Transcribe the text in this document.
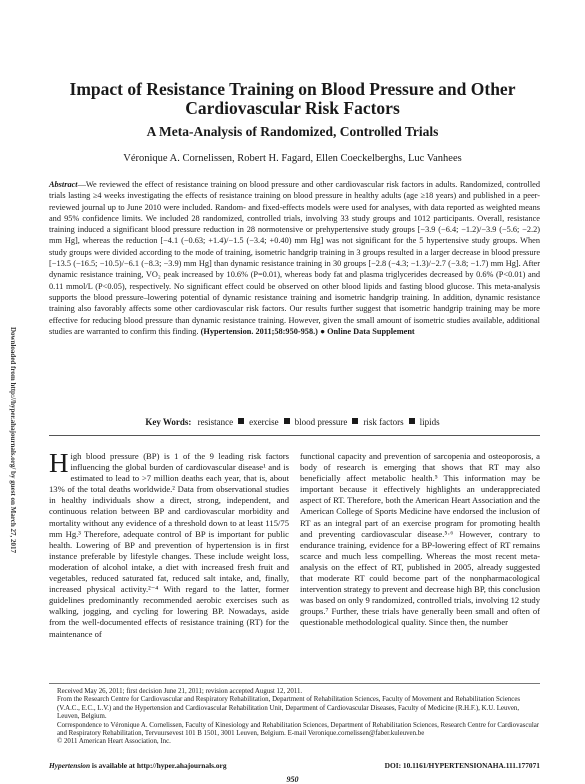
Downloaded from http://hyper.ahajournals.org/ by guest on March 27, 2017
Impact of Resistance Training on Blood Pressure and Other Cardiovascular Risk Factors
A Meta-Analysis of Randomized, Controlled Trials

Véronique A. Cornelissen, Robert H. Fagard, Ellen Coeckelberghs, Luc Vanhees

Abstract—We reviewed the effect of resistance training on blood pressure and other cardiovascular risk factors in adults. Randomized, controlled trials lasting ≥4 weeks investigating the effects of resistance training on blood pressure in healthy adults (age ≥18 years) and published in a peer-reviewed journal up to June 2010 were included. Random- and fixed-effects models were used for analyses, with data reported as weighted means and 95% confidence limits. We included 28 randomized, controlled trials, involving 33 study groups and 1012 participants. Overall, resistance training induced a significant blood pressure reduction in 28 normotensive or prehypertensive study groups [−3.9 (−6.4; −1.2)/−3.9 (−5.6; −2.2) mm Hg], whereas the reduction [−4.1 (−0.63; +1.4)/−1.5 (−3.4; +0.40) mm Hg] was not significant for the 5 hypertensive study groups. When study groups were divided according to the mode of training, isometric handgrip training in 3 groups resulted in a larger decrease in blood pressure [−13.5 (−16.5; −10.5)/−6.1 (−8.3; −3.9) mm Hg] than dynamic resistance training in 30 groups [−2.8 (−4.3; −1.3)/−2.7 (−3.8; −1.7) mm Hg]. After dynamic resistance training, VO₂ peak increased by 10.6% (P=0.01), whereas body fat and plasma triglycerides decreased by 0.6% (P<0.01) and 0.11 mmol/L (P<0.05), respectively. No significant effect could be observed on other blood lipids and fasting blood glucose. This meta-analysis supports the blood pressure–lowering potential of dynamic resistance training and isometric handgrip training. In addition, dynamic resistance training also favorably affects some other cardiovascular risk factors. Our results further suggest that isometric handgrip training may be more effective for reducing blood pressure than dynamic resistance training. However, given the small amount of isometric studies available, additional studies are warranted to confirm this finding. (Hypertension. 2011;58:950-958.) ● Online Data Supplement

Key Words: resistance exercise blood pressure risk factors lipids

High blood pressure (BP) is 1 of the 9 leading risk factors influencing the global burden of cardiovascular disease¹ and is estimated to lead to >7 million deaths each year, that is, about 13% of the total deaths worldwide.² Data from observational studies in healthy individuals show a direct, strong, independent, and continuous relation between BP and cardiovascular morbidity and mortality without any evidence of a threshold down to at least 115/75 mm Hg.³ Therefore, adequate control of BP is important for public health. Lowering of BP and prevention of hypertension is in first instance preferable by lifestyle changes. These include weight loss, moderation of alcohol intake, a diet with increased fresh fruit and vegetables, reduced saturated fat, reduced salt intake, and, finally, increased physical activity.²⁻⁴ With regard to the latter, former guidelines predominantly recommended aerobic exercises such as walking, jogging, and cycling for lowering BP. Nowadays, aside from the well-documented effects of resistance training (RT) for the maintenance of

functional capacity and prevention of sarcopenia and osteoporosis, a body of research is emerging that shows that RT may also beneficially affect metabolic health.⁵ This information may be important because it effectively highlights an underappreciated aspect of RT. Therefore, both the American Heart Association and the American College of Sports Medicine have endorsed the inclusion of RT as an integral part of an exercise program for promoting health and preventing cardiovascular disease.⁵·⁶ However, contrary to endurance training, evidence for a BP-lowering effect of RT remains scarce and much less compelling. Whereas the most recent meta-analysis on the effect of RT, published in 2005, already suggested that moderate RT could become part of the nonpharmacological intervention strategy to prevent and decrease high BP, this conclusion was based on only 9 randomized, controlled trials, involving 12 study groups.⁷ Further, these trials have generally been small and often of questionable methodological quality. Since then, the number

Received May 26, 2011; first decision June 21, 2011; revision accepted August 12, 2011.

From the Research Centre for Cardiovascular and Respiratory Rehabilitation, Department of Rehabilitation Sciences, Faculty of Movement and Rehabilitation Sciences (V.A.C., E.C., L.V.) and the Hypertension and Cardiovascular Rehabilitation Unit, Department of Cardiovascular Diseases, Faculty of Medicine (R.H.F.), K.U. Leuven, Leuven, Belgium.

Correspondence to Véronique A. Cornelissen, Faculty of Kinesiology and Rehabilitation Sciences, Department of Rehabilitation Sciences, Research Centre for Cardiovascular and Respiratory Rehabilitation, Tervuursevest 101 B 1501, 3001 Leuven, Belgium. E-mail Veronique.cornelissen@faber.kuleuven.be

© 2011 American Heart Association, Inc.

Hypertension is available at http://hyper.ahajournals.org	DOI: 10.1161/HYPERTENSIONAHA.111.177071
950
